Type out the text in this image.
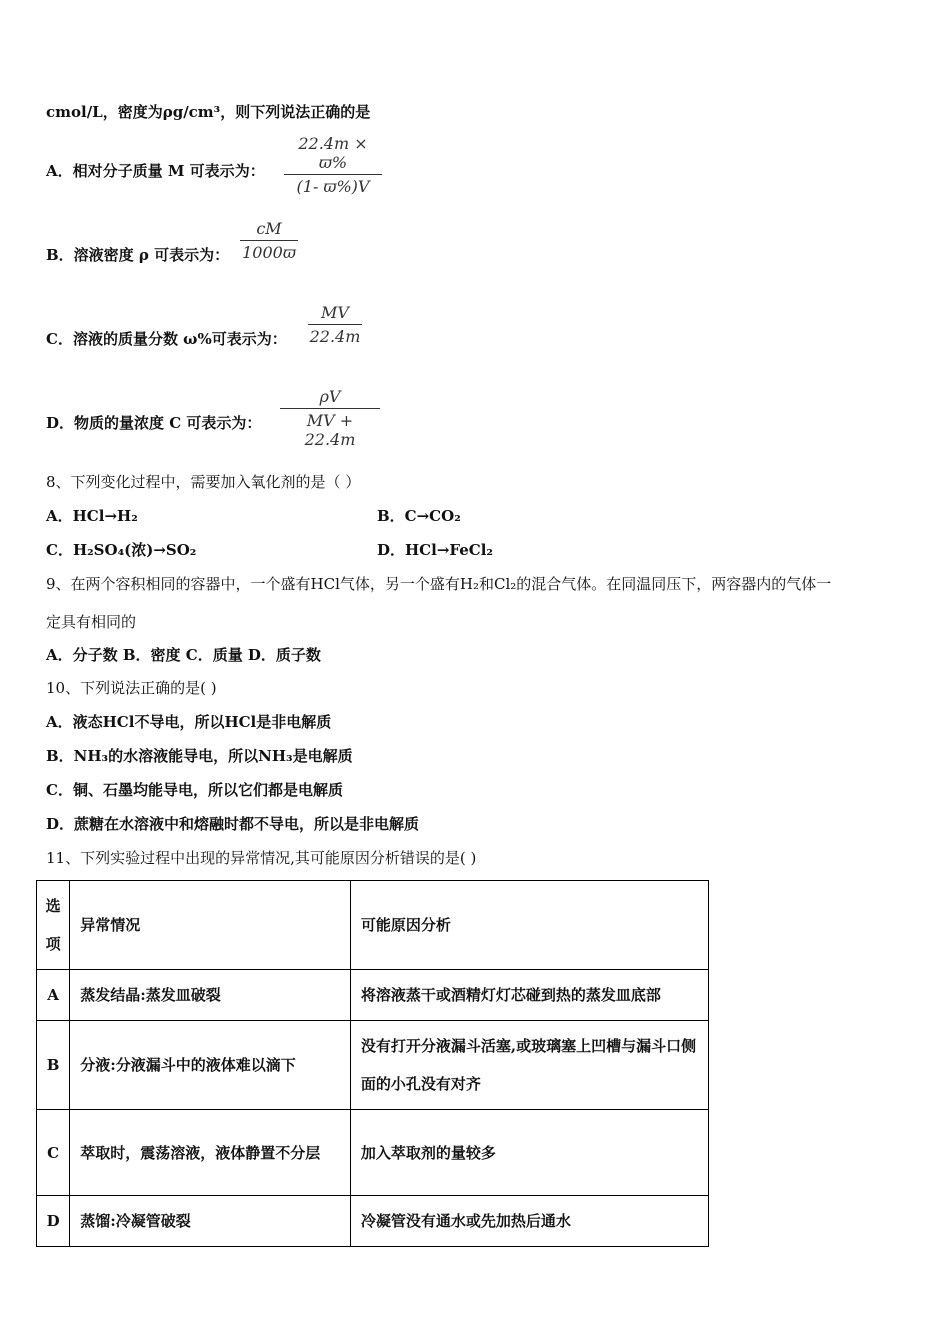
cmol/L，密度为ρg/cm³，则下列说法正确的是
A．相对分子质量 M 可表示为：
22.4m × ϖ%
(1- ϖ%)V
B．溶液密度 ρ 可表示为：
cM
1000ϖ
C．溶液的质量分数 ω%可表示为：
MV
22.4m
D．物质的量浓度 C 可表示为：
ρV
MV + 22.4m
8、下列变化过程中，需要加入氧化剂的是（ ）
A．HCl→H₂	B．C→CO₂
C．H₂SO₄(浓)→SO₂	D．HCl→FeCl₂
9、在两个容积相同的容器中，一个盛有HCl气体，另一个盛有H₂和Cl₂的混合气体。在同温同压下，两容器内的气体一
定具有相同的
A．分子数 B．密度 C．质量 D．质子数
10、下列说法正确的是( )
A．液态HCl不导电，所以HCl是非电解质
B．NH₃的水溶液能导电，所以NH₃是电解质
C．铜、石墨均能导电，所以它们都是电解质
D．蔗糖在水溶液中和熔融时都不导电，所以是非电解质
11、下列实验过程中出现的异常情况,其可能原因分析错误的是( )
选项	异常情况	可能原因分析
A	蒸发结晶:蒸发皿破裂	将溶液蒸干或酒精灯灯芯碰到热的蒸发皿底部
B	分液:分液漏斗中的液体难以滴下	没有打开分液漏斗活塞,或玻璃塞上凹槽与漏斗口侧面的小孔没有对齐
C	萃取时，震荡溶液，液体静置不分层	加入萃取剂的量较多
D	蒸馏:冷凝管破裂	冷凝管没有通水或先加热后通水
